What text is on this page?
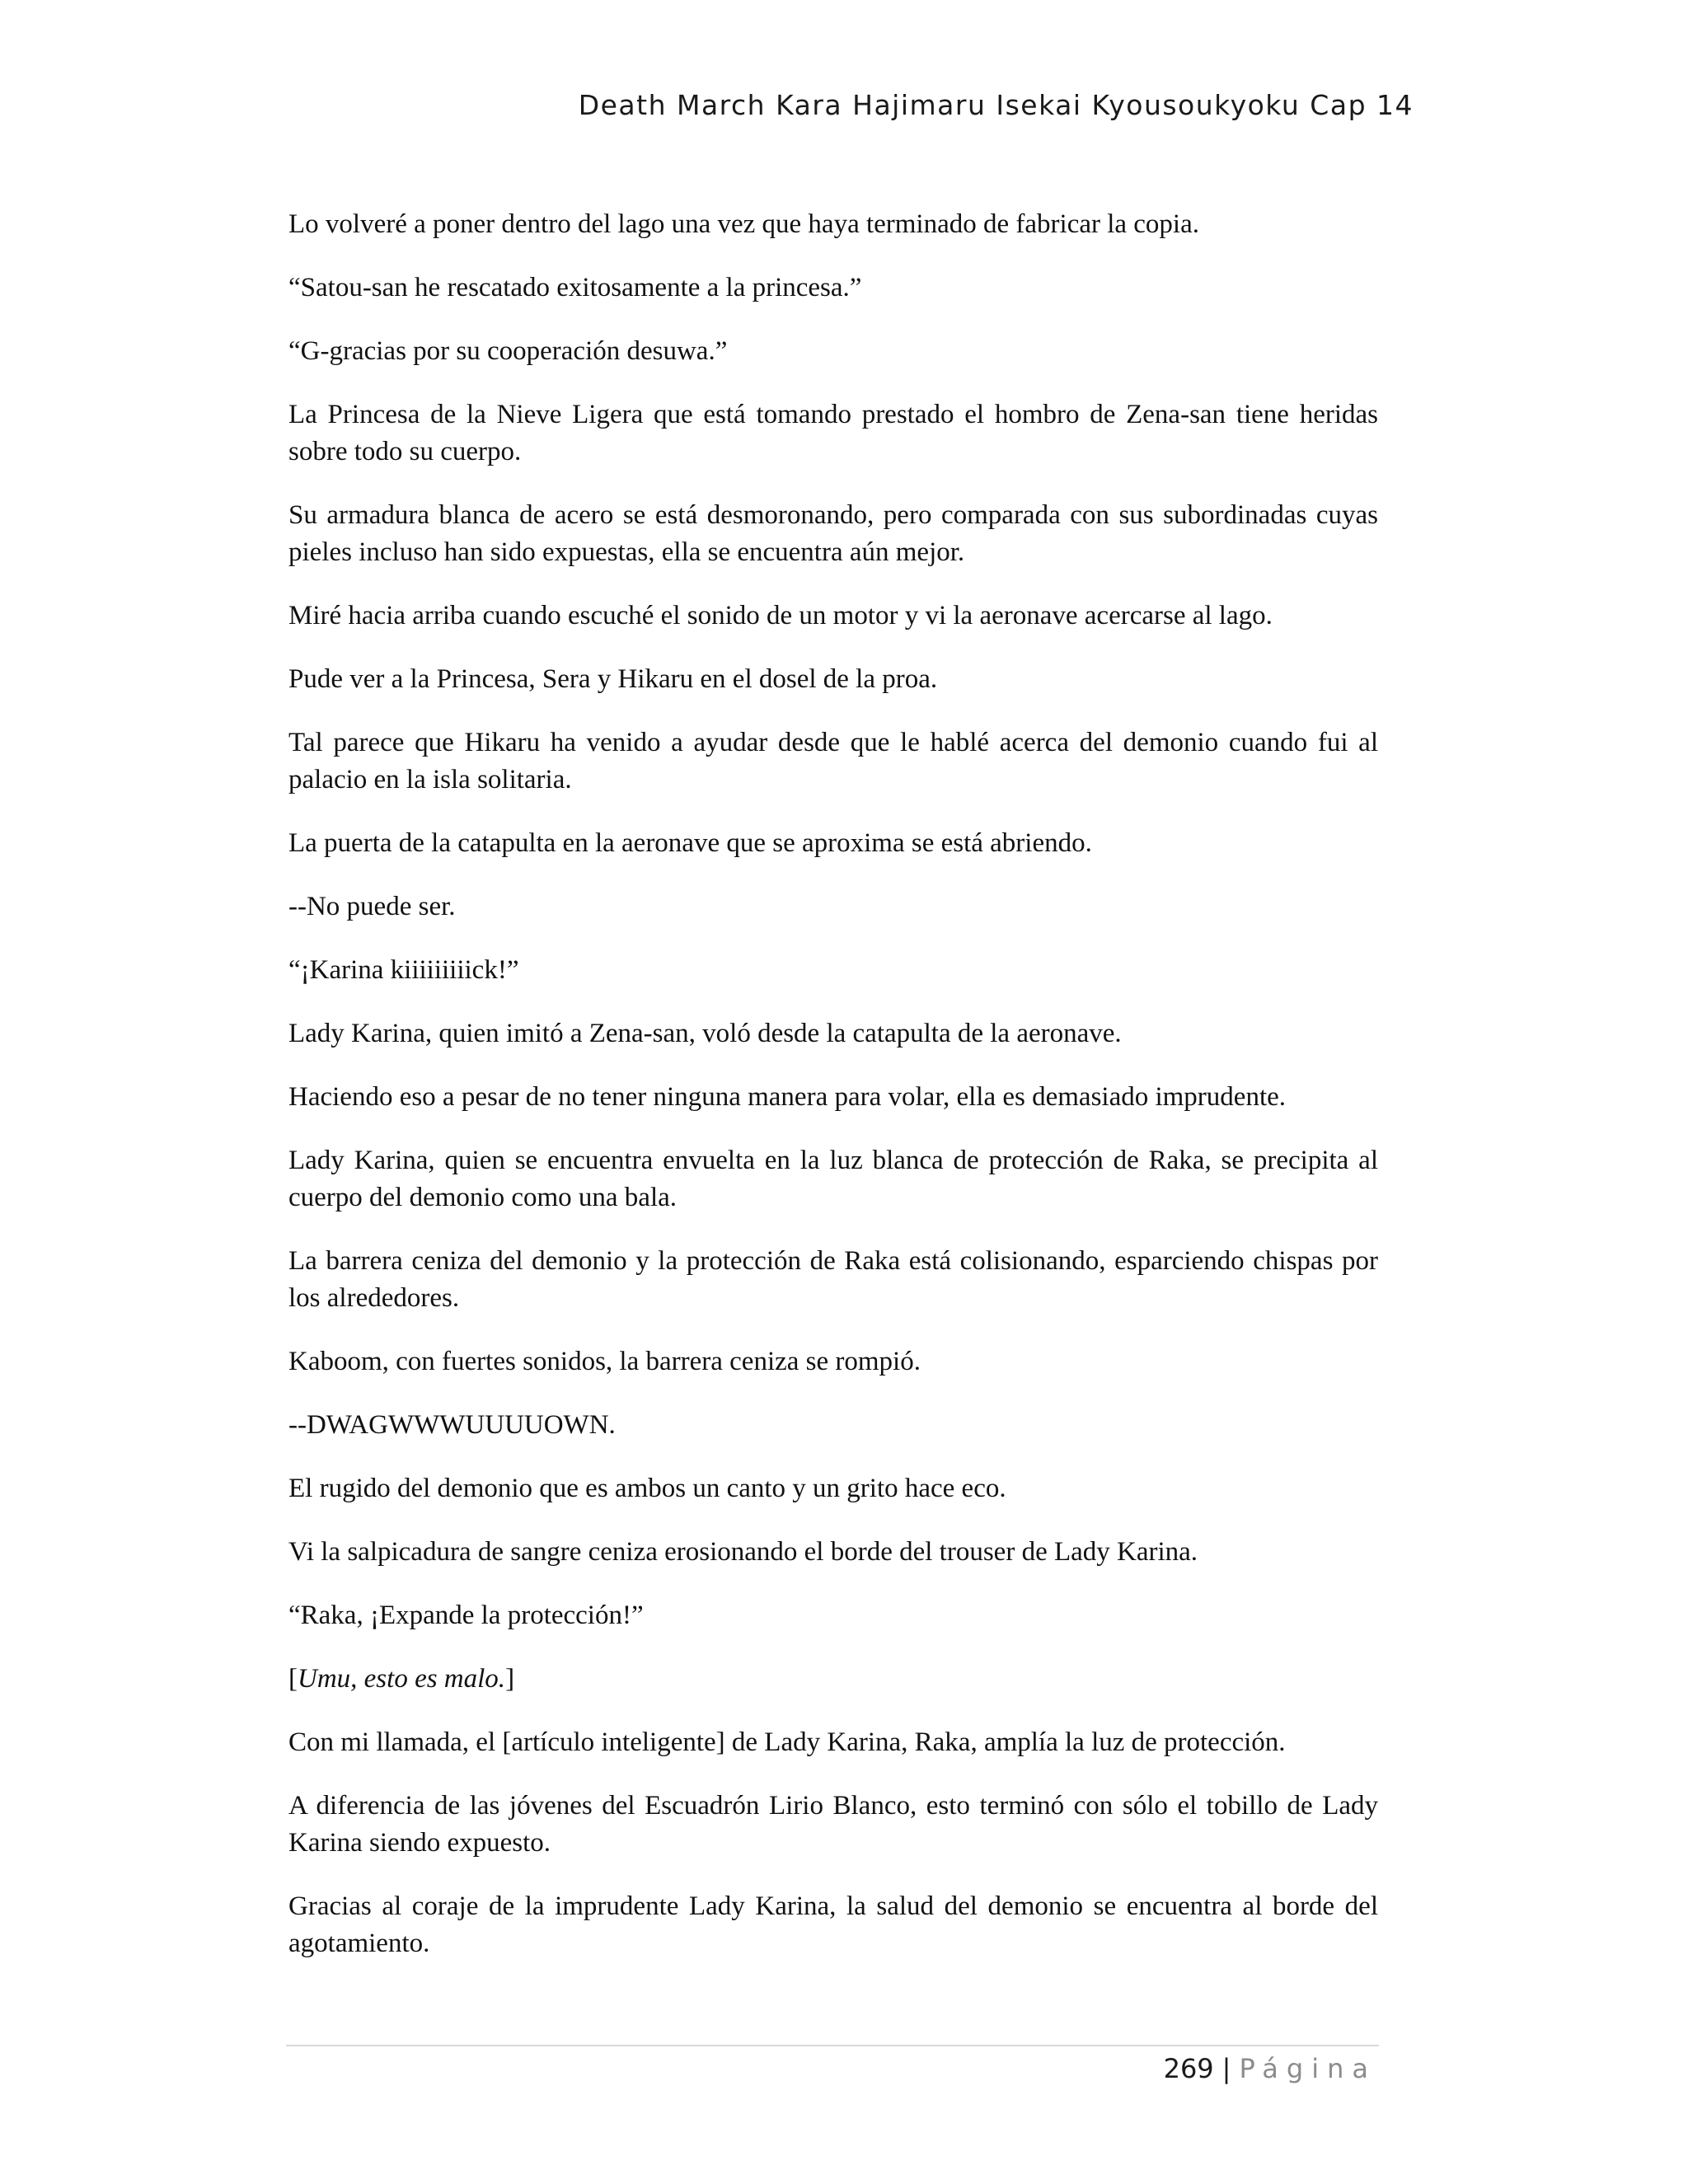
Death March Kara Hajimaru Isekai Kyousoukyoku Cap 14

Lo volveré a poner dentro del lago una vez que haya terminado de fabricar la copia.

“Satou-san he rescatado exitosamente a la princesa.”

“G-gracias por su cooperación desuwa.”

La Princesa de la Nieve Ligera que está tomando prestado el hombro de Zena-san tiene heridas sobre todo su cuerpo.

Su armadura blanca de acero se está desmoronando, pero comparada con sus subordinadas cuyas pieles incluso han sido expuestas, ella se encuentra aún mejor.

Miré hacia arriba cuando escuché el sonido de un motor y vi la aeronave acercarse al lago.

Pude ver a la Princesa, Sera y Hikaru en el dosel de la proa.

Tal parece que Hikaru ha venido a ayudar desde que le hablé acerca del demonio cuando fui al palacio en la isla solitaria.

La puerta de la catapulta en la aeronave que se aproxima se está abriendo.

--No puede ser.

“¡Karina kiiiiiiiiick!”

Lady Karina, quien imitó a Zena-san, voló desde la catapulta de la aeronave.

Haciendo eso a pesar de no tener ninguna manera para volar, ella es demasiado imprudente.

Lady Karina, quien se encuentra envuelta en la luz blanca de protección de Raka, se precipita al cuerpo del demonio como una bala.

La barrera ceniza del demonio y la protección de Raka está colisionando, esparciendo chispas por los alrededores.

Kaboom, con fuertes sonidos, la barrera ceniza se rompió.

--DWAGWWWUUUUOWN.

El rugido del demonio que es ambos un canto y un grito hace eco.

Vi la salpicadura de sangre ceniza erosionando el borde del trouser de Lady Karina.

“Raka, ¡Expande la protección!”

[Umu, esto es malo.]

Con mi llamada, el [artículo inteligente] de Lady Karina, Raka, amplía la luz de protección.

A diferencia de las jóvenes del Escuadrón Lirio Blanco, esto terminó con sólo el tobillo de Lady Karina siendo expuesto.

Gracias al coraje de la imprudente Lady Karina, la salud del demonio se encuentra al borde del agotamiento.

269 | Página
